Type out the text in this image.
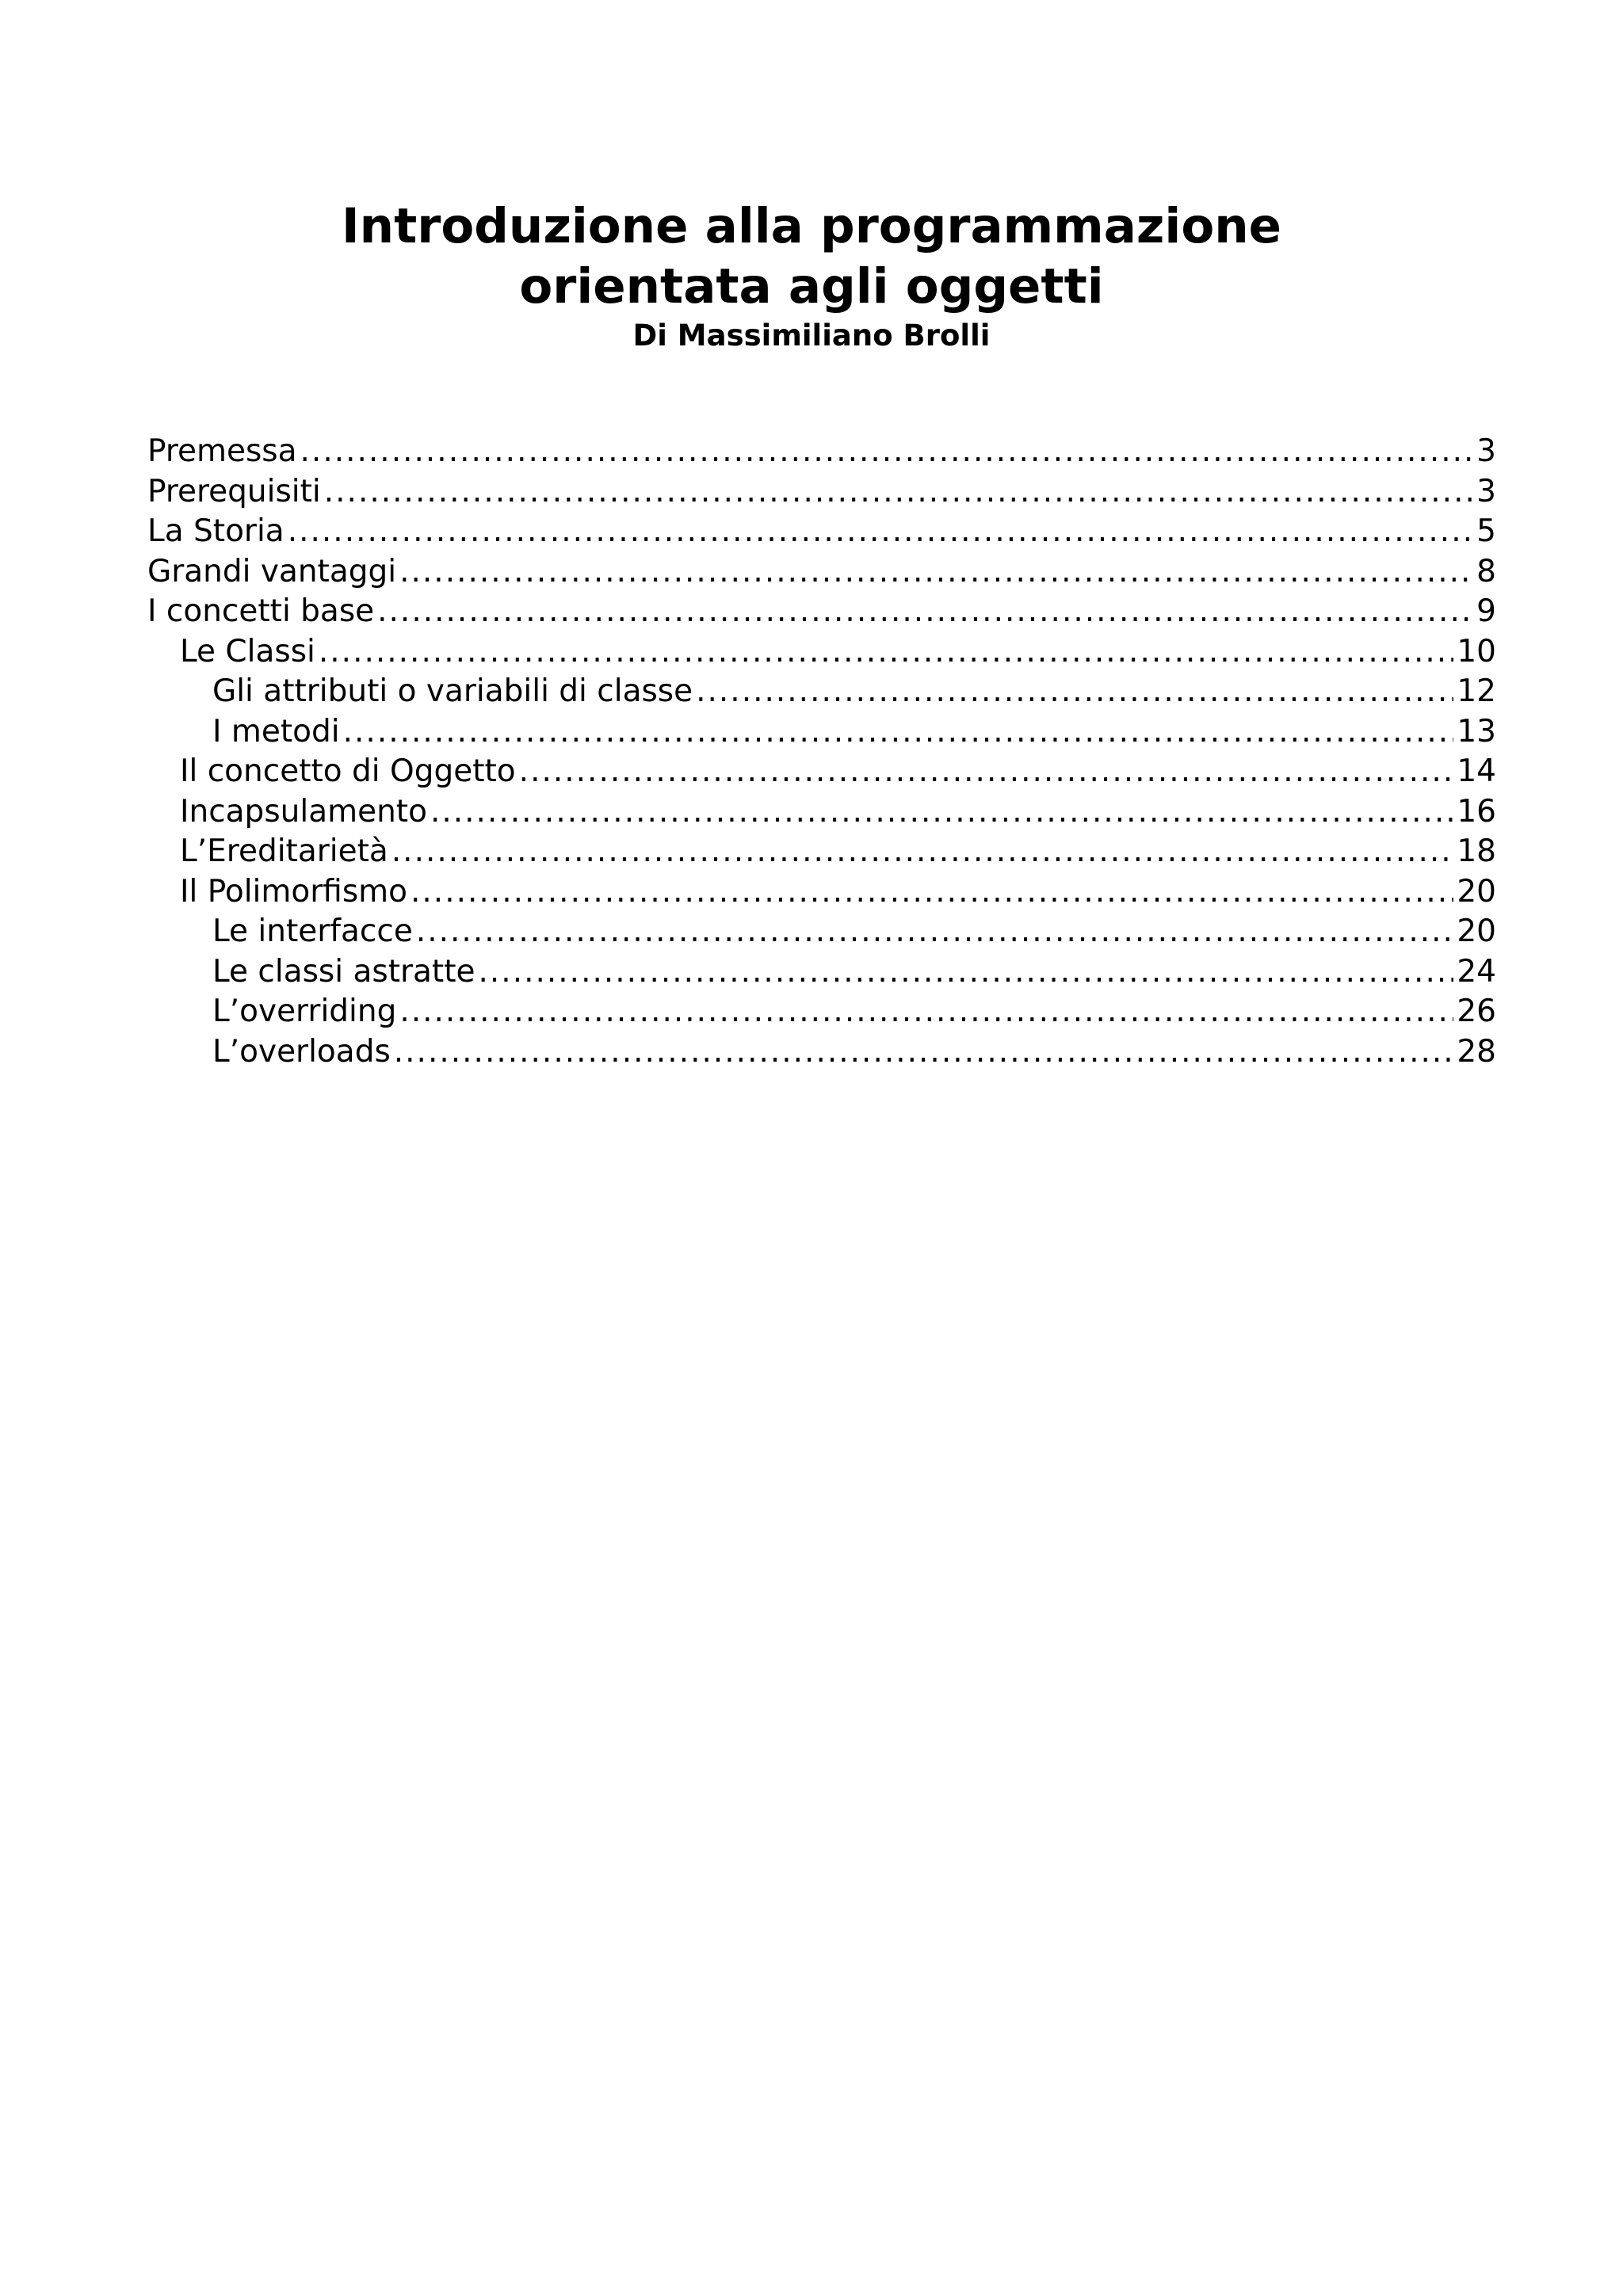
Introduzione alla programmazione

orientata agli oggetti

Di Massimiliano Brolli

Premessa .....	3
Prerequisiti .....	3
La Storia .....	5
Grandi vantaggi .....	8
I concetti base .....	9
Le Classi .....	10
Gli attributi o variabili di classe .....	12
I metodi .....	13
Il concetto di Oggetto .....	14
Incapsulamento .....	16
L’Ereditarietà .....	18
Il Polimorfismo .....	20
Le interfacce .....	20
Le classi astratte .....	24
L’overriding .....	26
L’overloads .....	28
